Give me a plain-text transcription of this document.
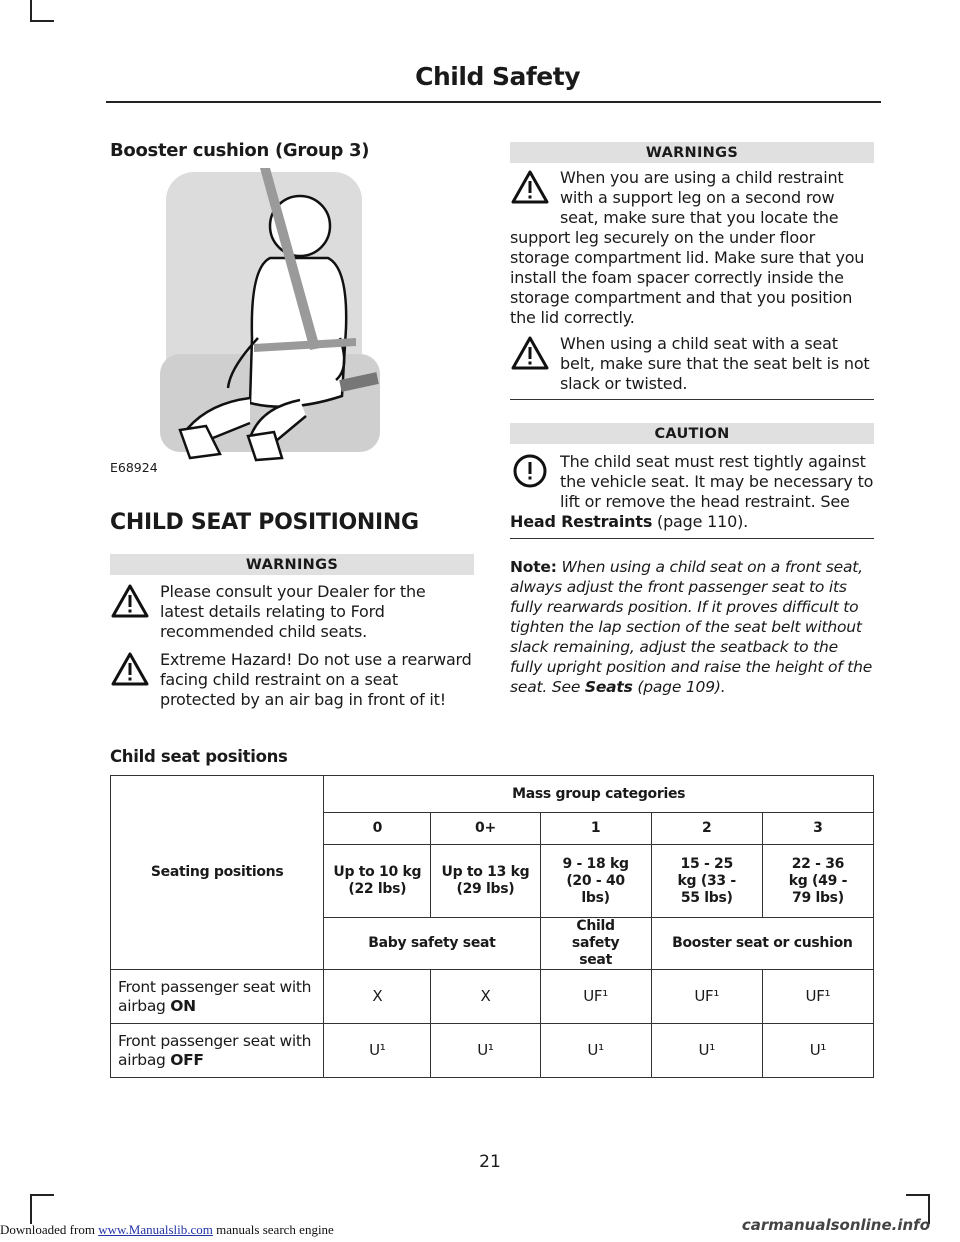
Child Safety
Booster cushion (Group 3)
E68924
CHILD SEAT POSITIONING
WARNINGS
Please consult your Dealer for the latest details relating to Ford recommended child seats.
Extreme Hazard! Do not use a rearward facing child restraint on a seat protected by an air bag in front of it!
WARNINGS
When you are using a child restraint with a support leg on a second row seat, make sure that you locate the support leg securely on the under floor storage compartment lid. Make sure that you install the foam spacer correctly inside the storage compartment and that you position the lid correctly.
When using a child seat with a seat belt, make sure that the seat belt is not slack or twisted.
CAUTION
The child seat must rest tightly against the vehicle seat. It may be necessary to lift or remove the head restraint. See Head Restraints (page 110).
Note: When using a child seat on a front seat, always adjust the front passenger seat to its fully rearwards position. If it proves difficult to tighten the lap section of the seat belt without slack remaining, adjust the seatback to the fully upright position and raise the height of the seat. See Seats (page 109).
Child seat positions
Seating positions	Mass group categories				
	0	0+	1	2	3
	Up to 10 kg (22 lbs)	Up to 13 kg (29 lbs)	9 - 18 kg (20 - 40 lbs)	15 - 25 kg (33 - 55 lbs)	22 - 36 kg (49 - 79 lbs)
	Baby safety seat		Child safety seat	Booster seat or cushion	
Front passenger seat with airbag ON	X	X	UF¹	UF¹	UF¹
Front passenger seat with airbag OFF	U¹	U¹	U¹	U¹	U¹
21
Downloaded from www.Manualslib.com manuals search engine	carmanualsonline.info
